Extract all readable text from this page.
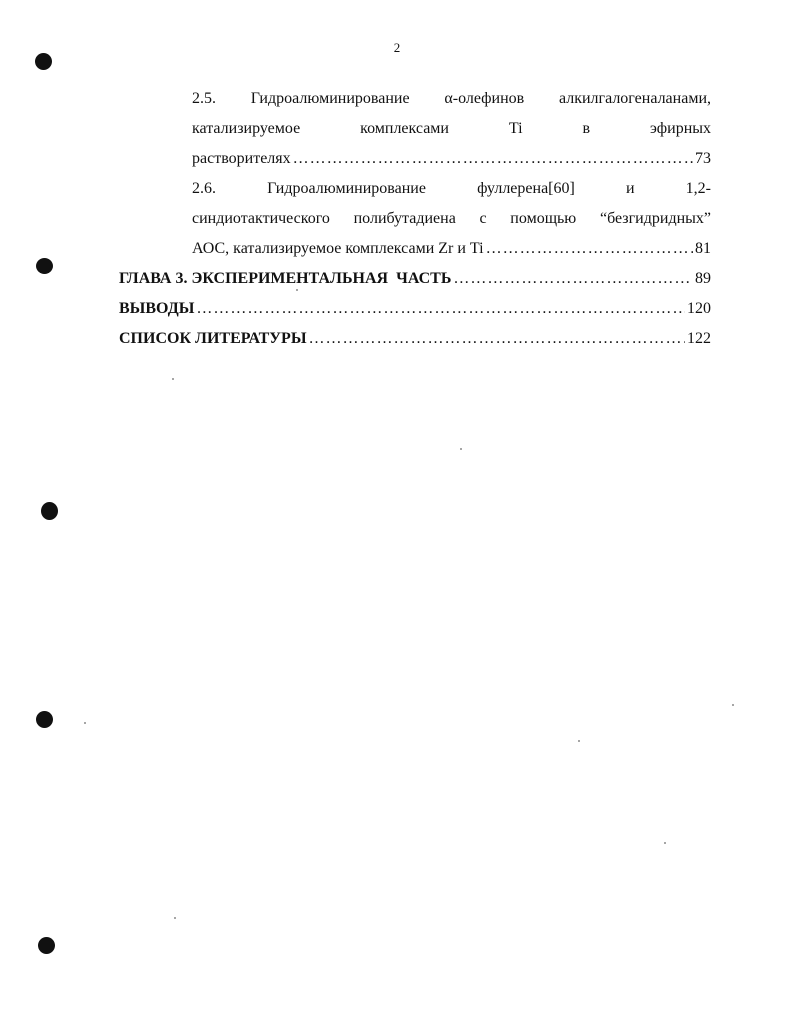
2
2.5. Гидроалюминирование α-олефинов алкилгалогеналанами,
катализируемое комплексами Ti в эфирных
растворителях …………………………………………………………………………………………………………………………………………………………………………	73
2.6.	Гидроалюминирование фуллерена[60] и 1,2-
синдиотактического полибутадиена с помощью “безгидридных”
АОС, катализируемое комплексами Zr и Ti …………………………………………………………………………………………………………………………………………………………………………	81
ГЛАВА 3. ЭКСПЕРИМЕНТАЛЬНАЯ  ЧАСТЬ …………………………………………………………………………………………………………………………………………………………………………	89
ВЫВОДЫ …………………………………………………………………………………………………………………………………………………………………………	120
СПИСОК ЛИТЕРАТУРЫ …………………………………………………………………………………………………………………………………………………………………………	122
